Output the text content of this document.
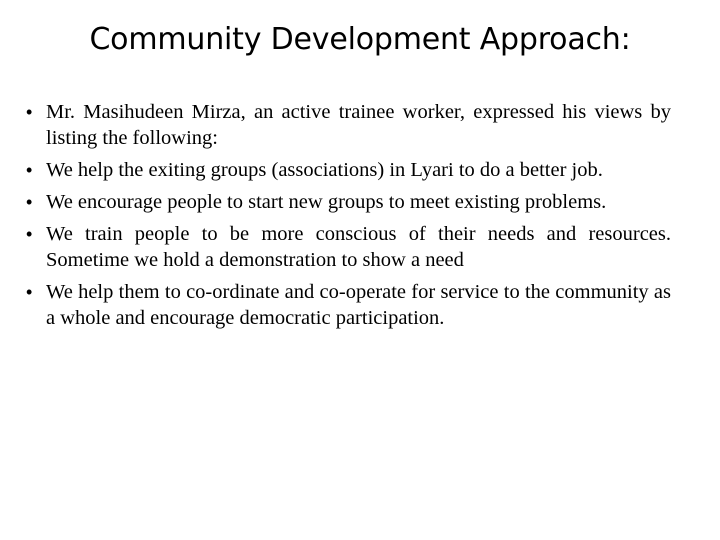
Community Development Approach:
• Mr. Masihudeen Mirza, an active trainee worker, expressed his views by listing the following:
• We help the exiting groups (associations) in Lyari to do a better job.
• We encourage people to start new groups to meet existing problems.
• We train people to be more conscious of their needs and resources. Sometime we hold a demonstration to show a need
• We help them to co-ordinate and co-operate for service to the community as a whole and encourage democratic participation.
